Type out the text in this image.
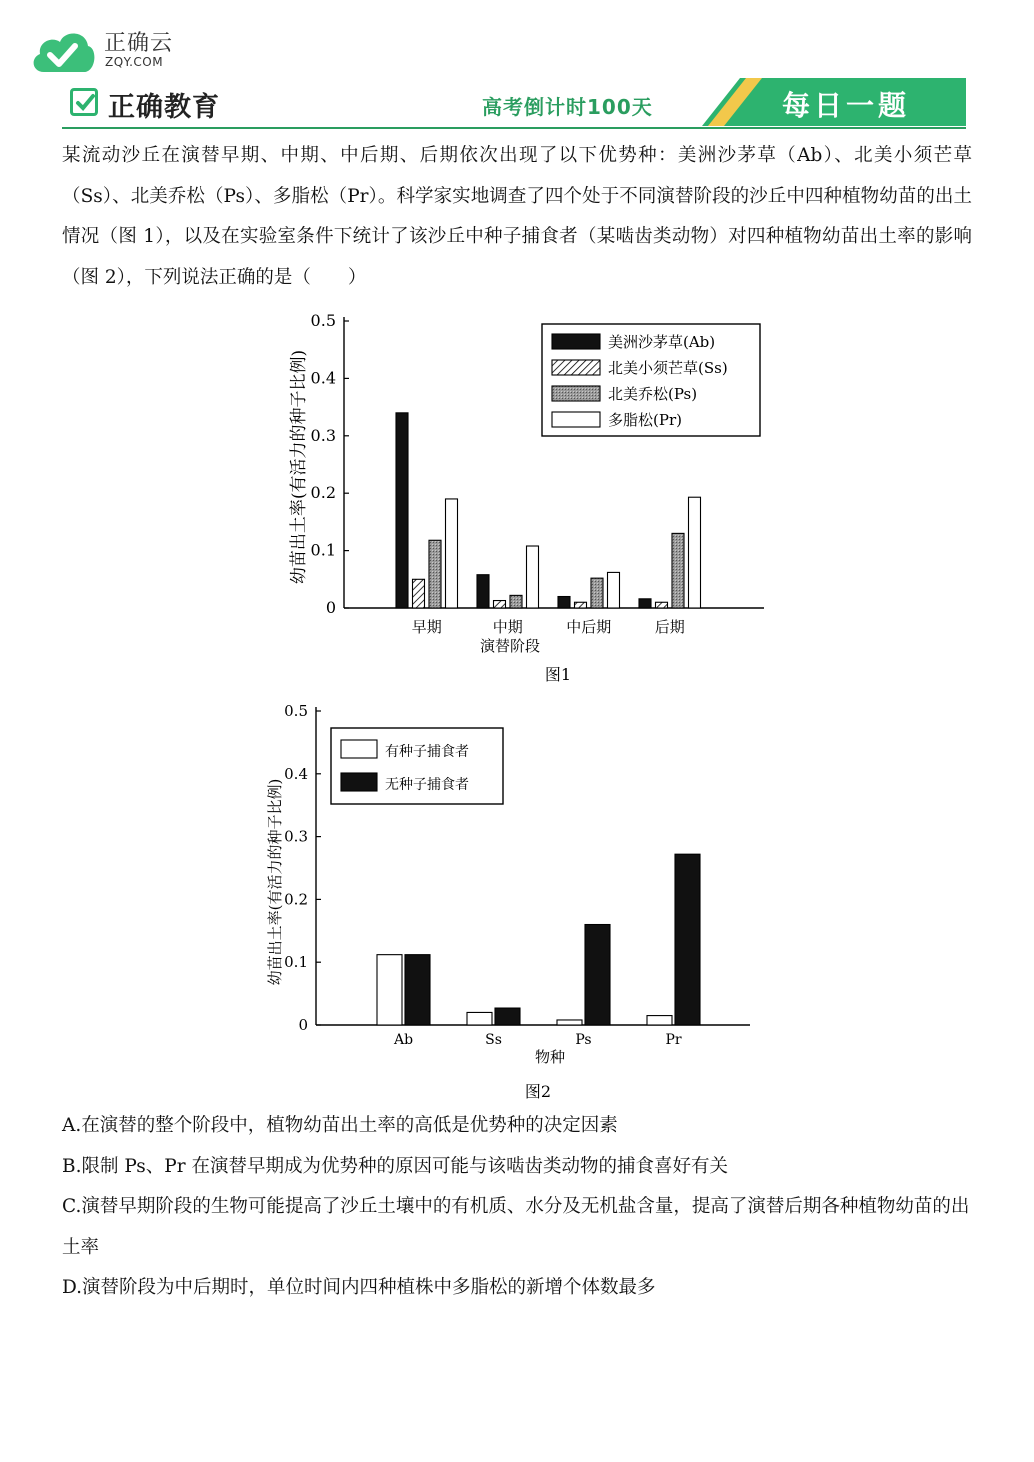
正确云
ZQY.COM
正确教育	高考倒计时100天	每日一题

某流动沙丘在演替早期、中期、中后期、后期依次出现了以下优势种：美洲沙茅草（Ab）、北美小须芒草（Ss）、北美乔松（Ps）、多脂松（Pr）。科学家实地调查了四个处于不同演替阶段的沙丘中四种植物幼苗的出土情况（图 1），以及在实验室条件下统计了该沙丘中种子捕食者（某啮齿类动物）对四种植物幼苗出土率的影响（图 2），下列说法正确的是（　　）

0
0.1
0.2
0.3
0.4
0.5
早期	中期	中后期	后期
美洲沙茅草(Ab)
北美小须芒草(Ss)
北美乔松(Ps)
多脂松(Pr)
幼苗出土率(有活力的种子比例)
演替阶段
图1
0
0.1
0.2
0.3
0.4
0.5
Ab	Ss	Ps	Pr
有种子捕食者
无种子捕食者
幼苗出土率(有活力的种子比例)
物种
图2
A.在演替的整个阶段中，植物幼苗出土率的高低是优势种的决定因素
B.限制 Ps、Pr 在演替早期成为优势种的原因可能与该啮齿类动物的捕食喜好有关
C.演替早期阶段的生物可能提高了沙丘土壤中的有机质、水分及无机盐含量，提高了演替后期各种植物幼苗的出土率
D.演替阶段为中后期时，单位时间内四种植株中多脂松的新增个体数最多
